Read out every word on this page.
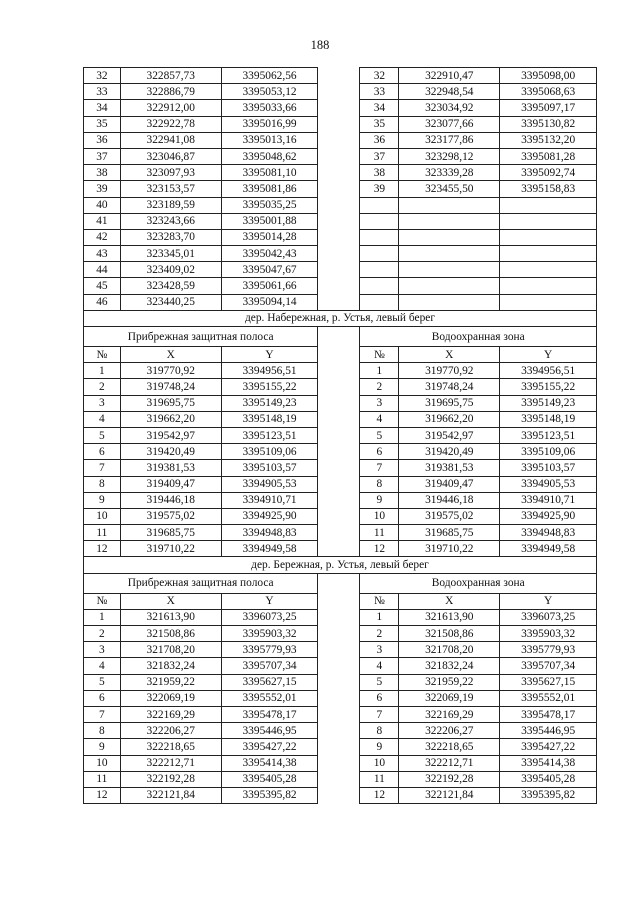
188
32	322857,73	3395062,56		32	322910,47	3395098,00
33	322886,79	3395053,12		33	322948,54	3395068,63
34	322912,00	3395033,66		34	323034,92	3395097,17
35	322922,78	3395016,99		35	323077,66	3395130,82
36	322941,08	3395013,16		36	323177,86	3395132,20
37	323046,87	3395048,62		37	323298,12	3395081,28
38	323097,93	3395081,10		38	323339,28	3395092,74
39	323153,57	3395081,86		39	323455,50	3395158,83
40	323189,59	3395035,25				
41	323243,66	3395001,88				
42	323283,70	3395014,28				
43	323345,01	3395042,43				
44	323409,02	3395047,67				
45	323428,59	3395061,66				
46	323440,25	3395094,14				
дер. Набережная, р. Устья, левый берег						
Прибрежная защитная полоса				Водоохранная зона		
№	X	Y		№	X	Y
1	319770,92	3394956,51		1	319770,92	3394956,51
2	319748,24	3395155,22		2	319748,24	3395155,22
3	319695,75	3395149,23		3	319695,75	3395149,23
4	319662,20	3395148,19		4	319662,20	3395148,19
5	319542,97	3395123,51		5	319542,97	3395123,51
6	319420,49	3395109,06		6	319420,49	3395109,06
7	319381,53	3395103,57		7	319381,53	3395103,57
8	319409,47	3394905,53		8	319409,47	3394905,53
9	319446,18	3394910,71		9	319446,18	3394910,71
10	319575,02	3394925,90		10	319575,02	3394925,90
11	319685,75	3394948,83		11	319685,75	3394948,83
12	319710,22	3394949,58		12	319710,22	3394949,58
дер. Бережная, р. Устья, левый берег						
Прибрежная защитная полоса				Водоохранная зона		
№	X	Y		№	X	Y
1	321613,90	3396073,25		1	321613,90	3396073,25
2	321508,86	3395903,32		2	321508,86	3395903,32
3	321708,20	3395779,93		3	321708,20	3395779,93
4	321832,24	3395707,34		4	321832,24	3395707,34
5	321959,22	3395627,15		5	321959,22	3395627,15
6	322069,19	3395552,01		6	322069,19	3395552,01
7	322169,29	3395478,17		7	322169,29	3395478,17
8	322206,27	3395446,95		8	322206,27	3395446,95
9	322218,65	3395427,22		9	322218,65	3395427,22
10	322212,71	3395414,38		10	322212,71	3395414,38
11	322192,28	3395405,28		11	322192,28	3395405,28
12	322121,84	3395395,82		12	322121,84	3395395,82
